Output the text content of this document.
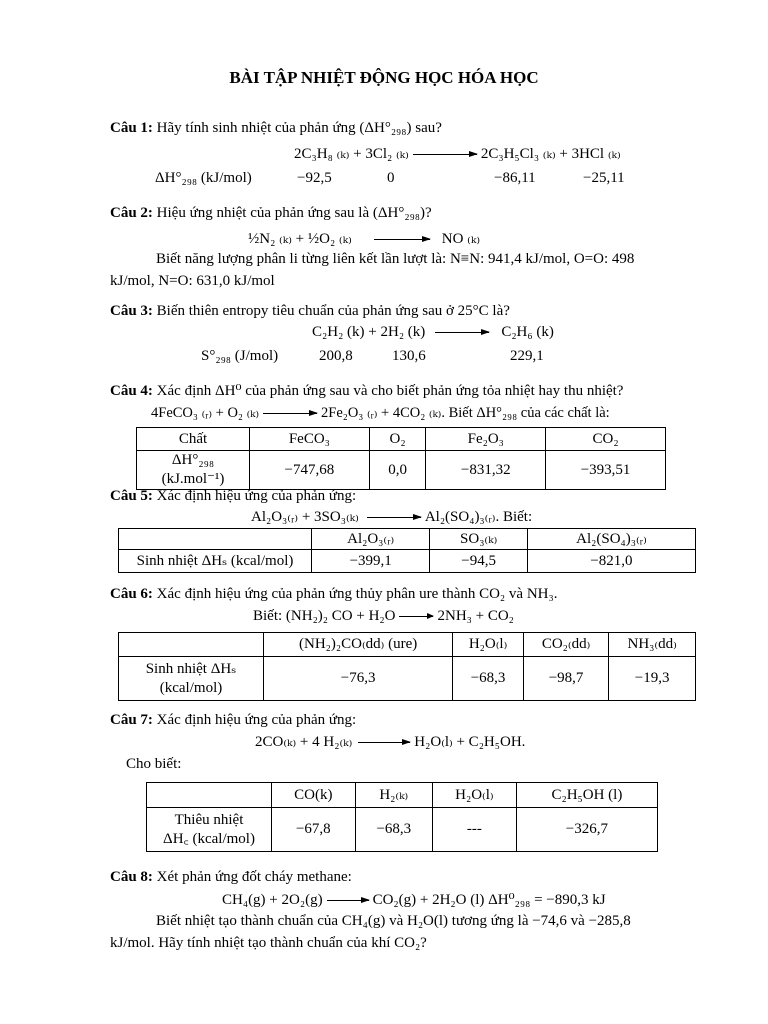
BÀI TẬP NHIỆT ĐỘNG HỌC HÓA HỌC
Câu 1: Hãy tính sinh nhiệt của phản ứng (ΔH°₂₉₈) sau?
2C₃H₈ ₍ₖ₎ + 3Cl₂ ₍ₖ₎	2C₃H₅Cl₃ ₍ₖ₎ + 3HCl ₍ₖ₎
ΔH°₂₉₈ (kJ/mol)	−92,5	0	−86,11	−25,11
Câu 2: Hiệu ứng nhiệt của phản ứng sau là (ΔH°₂₉₈)?
½N₂ ₍ₖ₎ + ½O₂ ₍ₖ₎ → NO ₍ₖ₎
Biết năng lượng phân li từng liên kết lần lượt là: N≡N: 941,4 kJ/mol, O=O: 498
kJ/mol, N=O: 631,0 kJ/mol
Câu 3: Biến thiên entropy tiêu chuẩn của phản ứng sau ở 25°C là?
C₂H₂ (k) + 2H₂ (k) → C₂H₆ (k)
S°₂₉₈ (J/mol)	200,8	130,6	229,1
Câu 4: Xác định ΔH⁰ của phản ứng sau và cho biết phản ứng tỏa nhiệt hay thu nhiệt?
4FeCO₃ ₍ᵣ₎ + O₂ ₍ₖ₎ → 2Fe₂O₃ ₍ᵣ₎ + 4CO₂ ₍ₖ₎. Biết ΔH°₂₉₈ của các chất là:
Chất	FeCO₃	O₂	Fe₂O₃	CO₂
ΔH°₂₉₈ (kJ.mol⁻¹)	−747,68	0,0	−831,32	−393,51
Câu 5: Xác định hiệu ứng của phản ứng:
Al₂O₃₍ᵣ₎ + 3SO₃₍ₖ₎ → Al₂(SO₄)₃₍ᵣ₎. Biết:
	Al₂O₃₍ᵣ₎	SO₃₍ₖ₎	Al₂(SO₄)₃₍ᵣ₎
Sinh nhiệt ΔHₛ (kcal/mol)	−399,1	−94,5	−821,0
Câu 6: Xác định hiệu ứng của phản ứng thủy phân ure thành CO₂ và NH₃.
Biết: (NH₂)₂ CO + H₂O → 2NH₃ + CO₂
	(NH₂)₂CO₍dd₎ (ure)	H₂O₍l₎	CO₂₍dd₎	NH₃₍dd₎

Sinh nhiệt ΔHₛ
(kcal/mol)	−76,3	−68,3	−98,7	−19,3
Câu 7: Xác định hiệu ứng của phản ứng:
2CO₍ₖ₎ + 4 H₂₍ₖ₎ → H₂O₍l₎ + C₂H₅OH.
Cho biết:
	CO(k)	H₂₍ₖ₎	H₂O₍l₎	C₂H₅OH (l)

Thiêu nhiệt
ΔH꜀ (kcal/mol)	−67,8	−68,3	---	−326,7
Câu 8: Xét phản ứng đốt cháy methane:
CH₄(g) + 2O₂(g) → CO₂(g) + 2H₂O (l) ΔH⁰₂₉₈ = −890,3 kJ
Biết nhiệt tạo thành chuẩn của CH₄(g) và H₂O(l) tương ứng là −74,6 và −285,8
kJ/mol. Hãy tính nhiệt tạo thành chuẩn của khí CO₂?
